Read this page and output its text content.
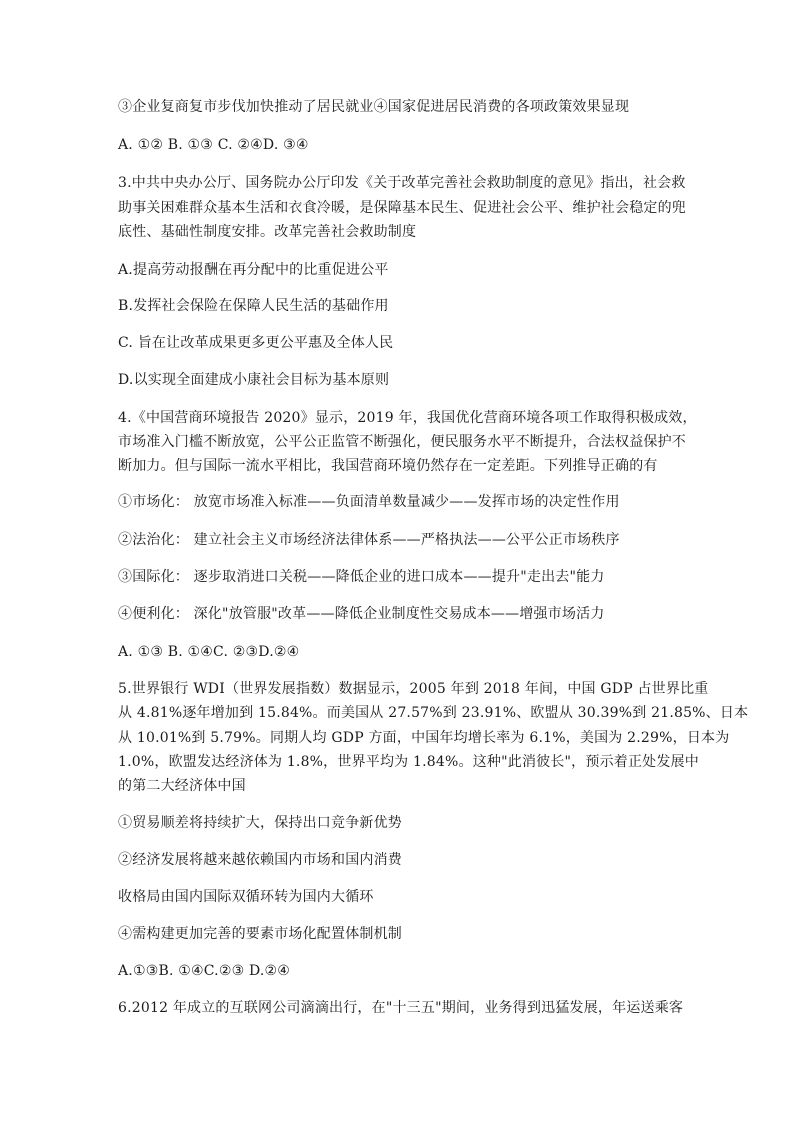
③企业复商复市步伐加快推动了居民就业④国家促进居民消费的各项政策效果显现
A. ①② B. ①③ C. ②④D. ③④
3.中共中央办公厅、国务院办公厅印发《关于改革完善社会救助制度的意见》指出，社会救
助事关困难群众基本生活和衣食冷暖，是保障基本民生、促进社会公平、维护社会稳定的兜
底性、基础性制度安排。改革完善社会救助制度
A.提高劳动报酬在再分配中的比重促进公平
B.发挥社会保险在保障人民生活的基础作用
C. 旨在让改革成果更多更公平惠及全体人民
D.以实现全面建成小康社会目标为基本原则
4.《中国营商环境报告 2020》显示，2019 年，我国优化营商环境各项工作取得积极成效，
市场准入门槛不断放宽，公平公正监管不断强化，便民服务水平不断提升，合法权益保护不
断加力。但与国际一流水平相比，我国营商环境仍然存在一定差距。下列推导正确的有
①市场化： 放宽市场准入标准——负面清单数量减少——发挥市场的决定性作用
②法治化： 建立社会主义市场经济法律体系——严格执法——公平公正市场秩序
③国际化： 逐步取消进口关税——降低企业的进口成本——提升"走出去"能力
④便利化： 深化"放管服"改革——降低企业制度性交易成本——增强市场活力
A. ①③ B. ①④C. ②③D.②④
5.世界银行 WDI（世界发展指数）数据显示，2005 年到 2018 年间，中国 GDP 占世界比重
从 4.81%逐年增加到 15.84%。而美国从 27.57%到 23.91%、欧盟从 30.39%到 21.85%、日本
从 10.01%到 5.79%。同期人均 GDP 方面，中国年均增长率为 6.1%，美国为 2.29%，日本为
1.0%，欧盟发达经济体为 1.8%，世界平均为 1.84%。这种"此消彼长"，预示着正处发展中
的第二大经济体中国
①贸易顺差将持续扩大，保持出口竞争新优势
②经济发展将越来越依赖国内市场和国内消费
收格局由国内国际双循环转为国内大循环
④需构建更加完善的要素市场化配置体制机制
A.①③B. ①④C.②③ D.②④
6.2012 年成立的互联网公司滴滴出行，在"十三五"期间，业务得到迅猛发展，年运送乘客
